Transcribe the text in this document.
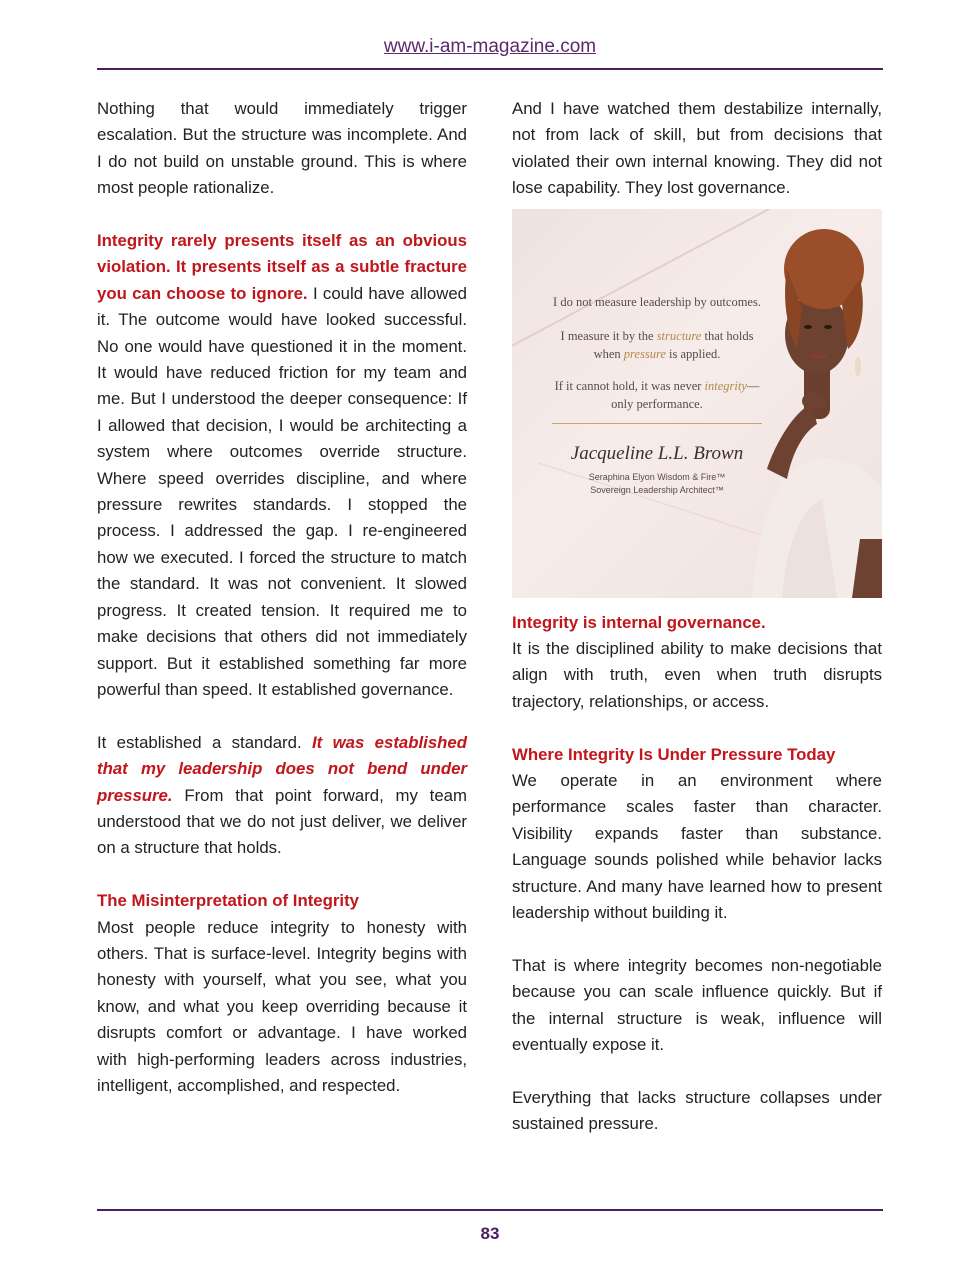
www.i-am-magazine.com

Nothing that would immediately trigger escalation. But the structure was incomplete. And I do not build on unstable ground. This is where most people rationalize.

Integrity rarely presents itself as an obvious violation. It presents itself as a subtle fracture you can choose to ignore. I could have allowed it. The outcome would have looked successful. No one would have questioned it in the moment. It would have reduced friction for my team and me. But I understood the deeper consequence: If I allowed that decision, I would be architecting a system where outcomes override structure. Where speed overrides discipline, and where pressure rewrites standards. I stopped the process. I addressed the gap. I re-engineered how we executed. I forced the structure to match the standard. It was not convenient. It slowed progress. It created tension. It required me to make decisions that others did not immediately support. But it established something far more powerful than speed. It established governance.

It established a standard. It was established that my leadership does not bend under pressure. From that point forward, my team understood that we do not just deliver, we deliver on a structure that holds.

The Misinterpretation of Integrity

Most people reduce integrity to honesty with others. That is surface-level. Integrity begins with honesty with yourself, what you see, what you know, and what you keep overriding because it disrupts comfort or advantage. I have worked with high-performing leaders across industries, intelligent, accomplished, and respected.

And I have watched them destabilize internally, not from lack of skill, but from decisions that violated their own internal knowing. They did not lose capability. They lost governance.

I do not measure leadership by outcomes.
I measure it by the structure that holds
when pressure is applied.
If it cannot hold, it was never integrity—
only performance.
Jacqueline L.L. Brown
Seraphina Elyon Wisdom & Fire™
Sovereign Leadership Architect™
Integrity is internal governance.

It is the disciplined ability to make decisions that align with truth, even when truth disrupts trajectory, relationships, or access.

Where Integrity Is Under Pressure Today

We operate in an environment where performance scales faster than character. Visibility expands faster than substance. Language sounds polished while behavior lacks structure. And many have learned how to present leadership without building it.

That is where integrity becomes non-negotiable because you can scale influence quickly. But if the internal structure is weak, influence will eventually expose it.

Everything that lacks structure collapses under sustained pressure.

83
